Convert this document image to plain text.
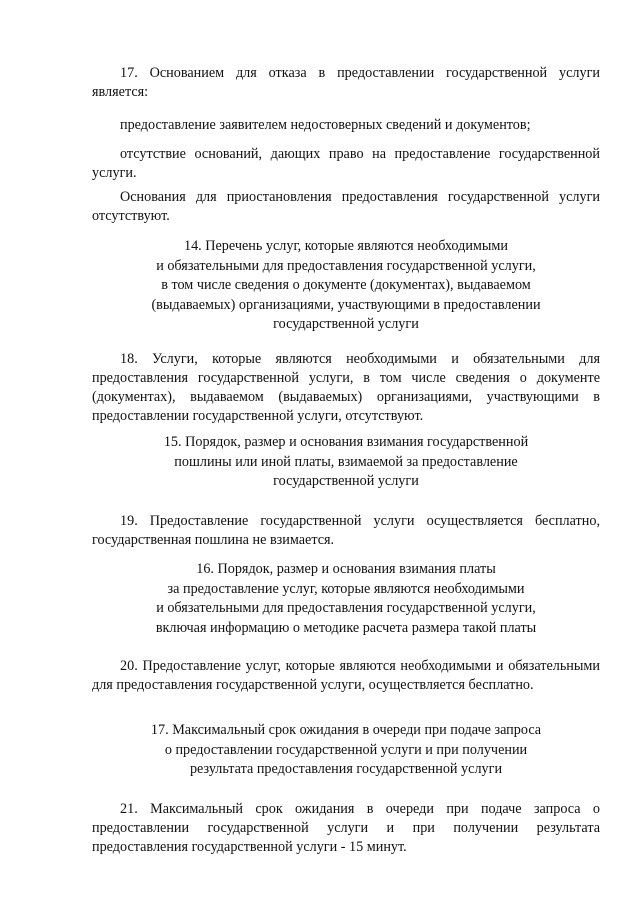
17. Основанием для отказа в предоставлении государственной услуги является:

предоставление заявителем недостоверных сведений и документов;

отсутствие оснований, дающих право на предоставление государственной услуги.

Основания для приостановления предоставления государственной услуги отсутствуют.

14. Перечень услуг, которые являются необходимыми
и обязательными для предоставления государственной услуги,
в том числе сведения о документе (документах), выдаваемом
(выдаваемых) организациями, участвующими в предоставлении
государственной услуги

18. Услуги, которые являются необходимыми и обязательными для предоставления государственной услуги, в том числе сведения о документе (документах), выдаваемом (выдаваемых) организациями, участвующими в предоставлении государственной услуги, отсутствуют.

15. Порядок, размер и основания взимания государственной
пошлины или иной платы, взимаемой за предоставление
государственной услуги

19. Предоставление государственной услуги осуществляется бесплатно, государственная пошлина не взимается.

16. Порядок, размер и основания взимания платы
за предоставление услуг, которые являются необходимыми
и обязательными для предоставления государственной услуги,
включая информацию о методике расчета размера такой платы

20. Предоставление услуг, которые являются необходимыми и обязательными для предоставления государственной услуги, осуществляется бесплатно.

17. Максимальный срок ожидания в очереди при подаче запроса
о предоставлении государственной услуги и при получении
результата предоставления государственной услуги

21. Максимальный срок ожидания в очереди при подаче запроса о предоставлении государственной услуги и при получении результата предоставления государственной услуги - 15 минут.
